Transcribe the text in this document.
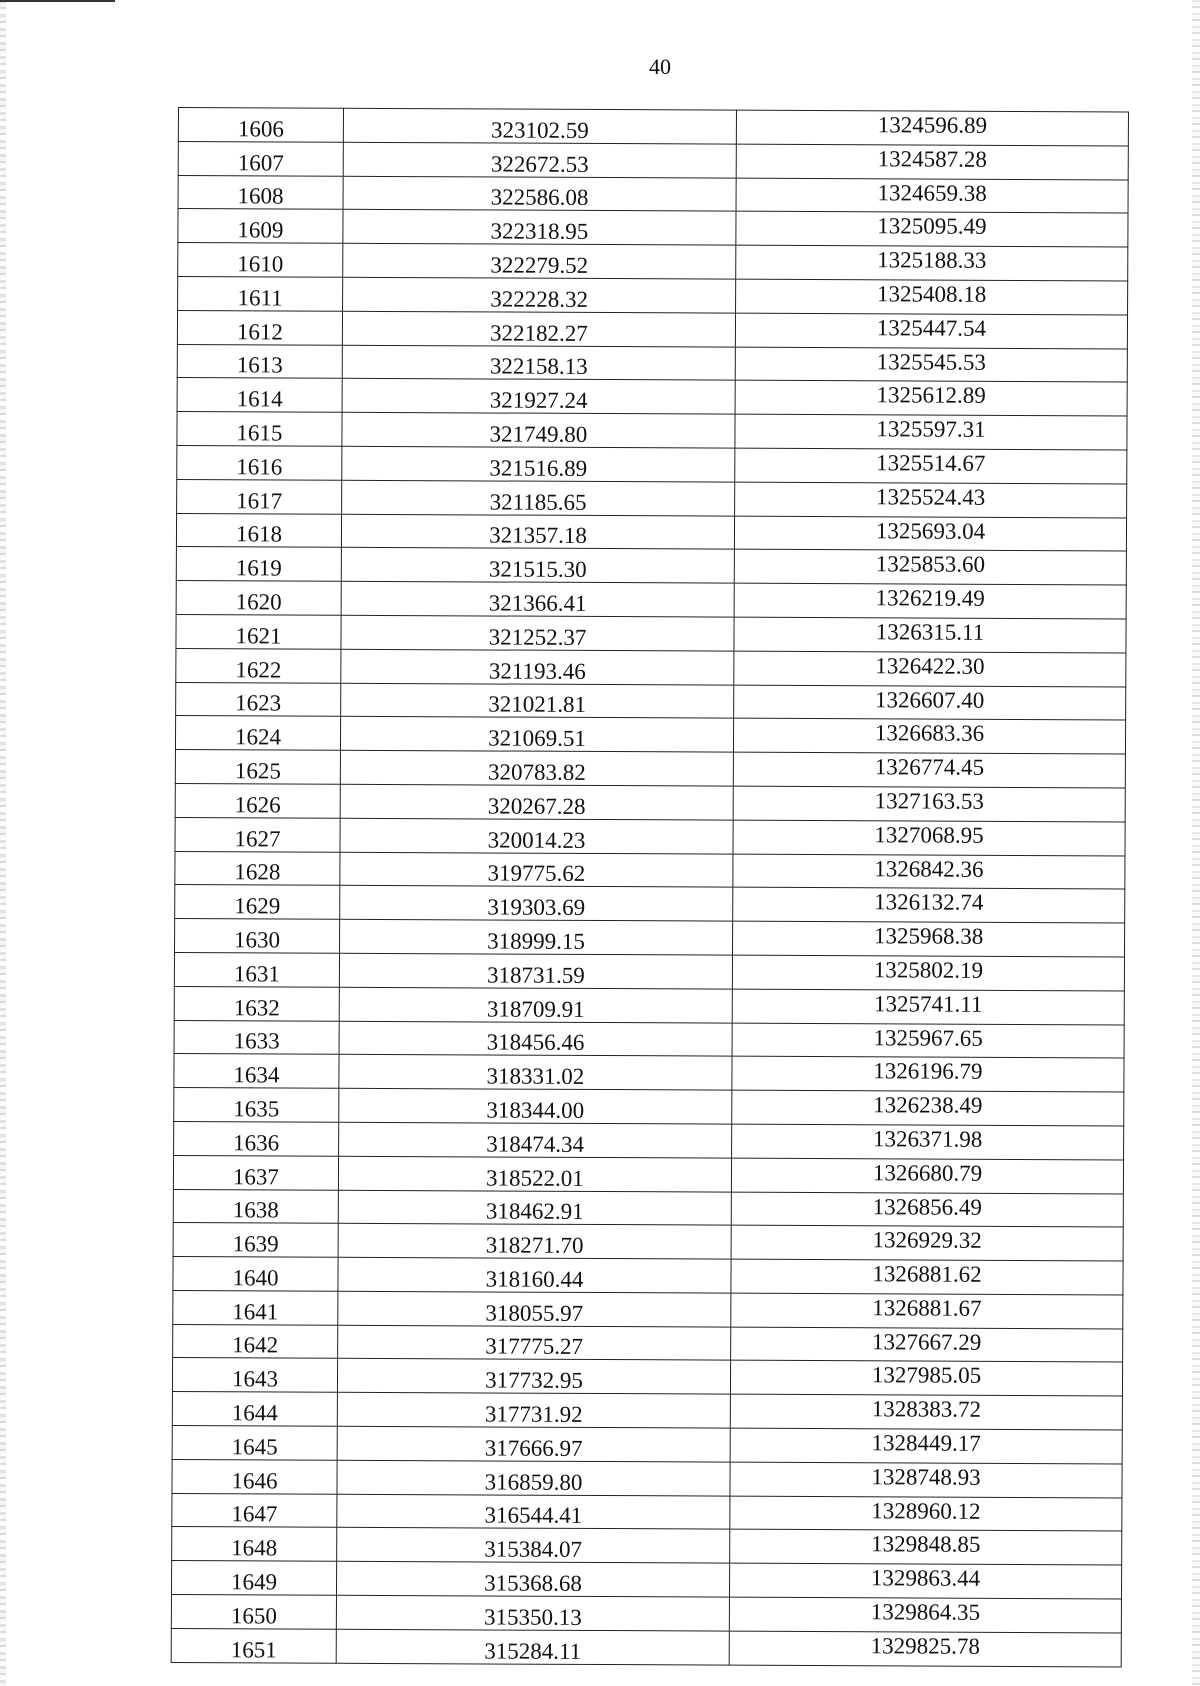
40
1606	323102.59	1324596.89
1607	322672.53	1324587.28
1608	322586.08	1324659.38
1609	322318.95	1325095.49
1610	322279.52	1325188.33
1611	322228.32	1325408.18
1612	322182.27	1325447.54
1613	322158.13	1325545.53
1614	321927.24	1325612.89
1615	321749.80	1325597.31
1616	321516.89	1325514.67
1617	321185.65	1325524.43
1618	321357.18	1325693.04
1619	321515.30	1325853.60
1620	321366.41	1326219.49
1621	321252.37	1326315.11
1622	321193.46	1326422.30
1623	321021.81	1326607.40
1624	321069.51	1326683.36
1625	320783.82	1326774.45
1626	320267.28	1327163.53
1627	320014.23	1327068.95
1628	319775.62	1326842.36
1629	319303.69	1326132.74
1630	318999.15	1325968.38
1631	318731.59	1325802.19
1632	318709.91	1325741.11
1633	318456.46	1325967.65
1634	318331.02	1326196.79
1635	318344.00	1326238.49
1636	318474.34	1326371.98
1637	318522.01	1326680.79
1638	318462.91	1326856.49
1639	318271.70	1326929.32
1640	318160.44	1326881.62
1641	318055.97	1326881.67
1642	317775.27	1327667.29
1643	317732.95	1327985.05
1644	317731.92	1328383.72
1645	317666.97	1328449.17
1646	316859.80	1328748.93
1647	316544.41	1328960.12
1648	315384.07	1329848.85
1649	315368.68	1329863.44
1650	315350.13	1329864.35
1651	315284.11	1329825.78
